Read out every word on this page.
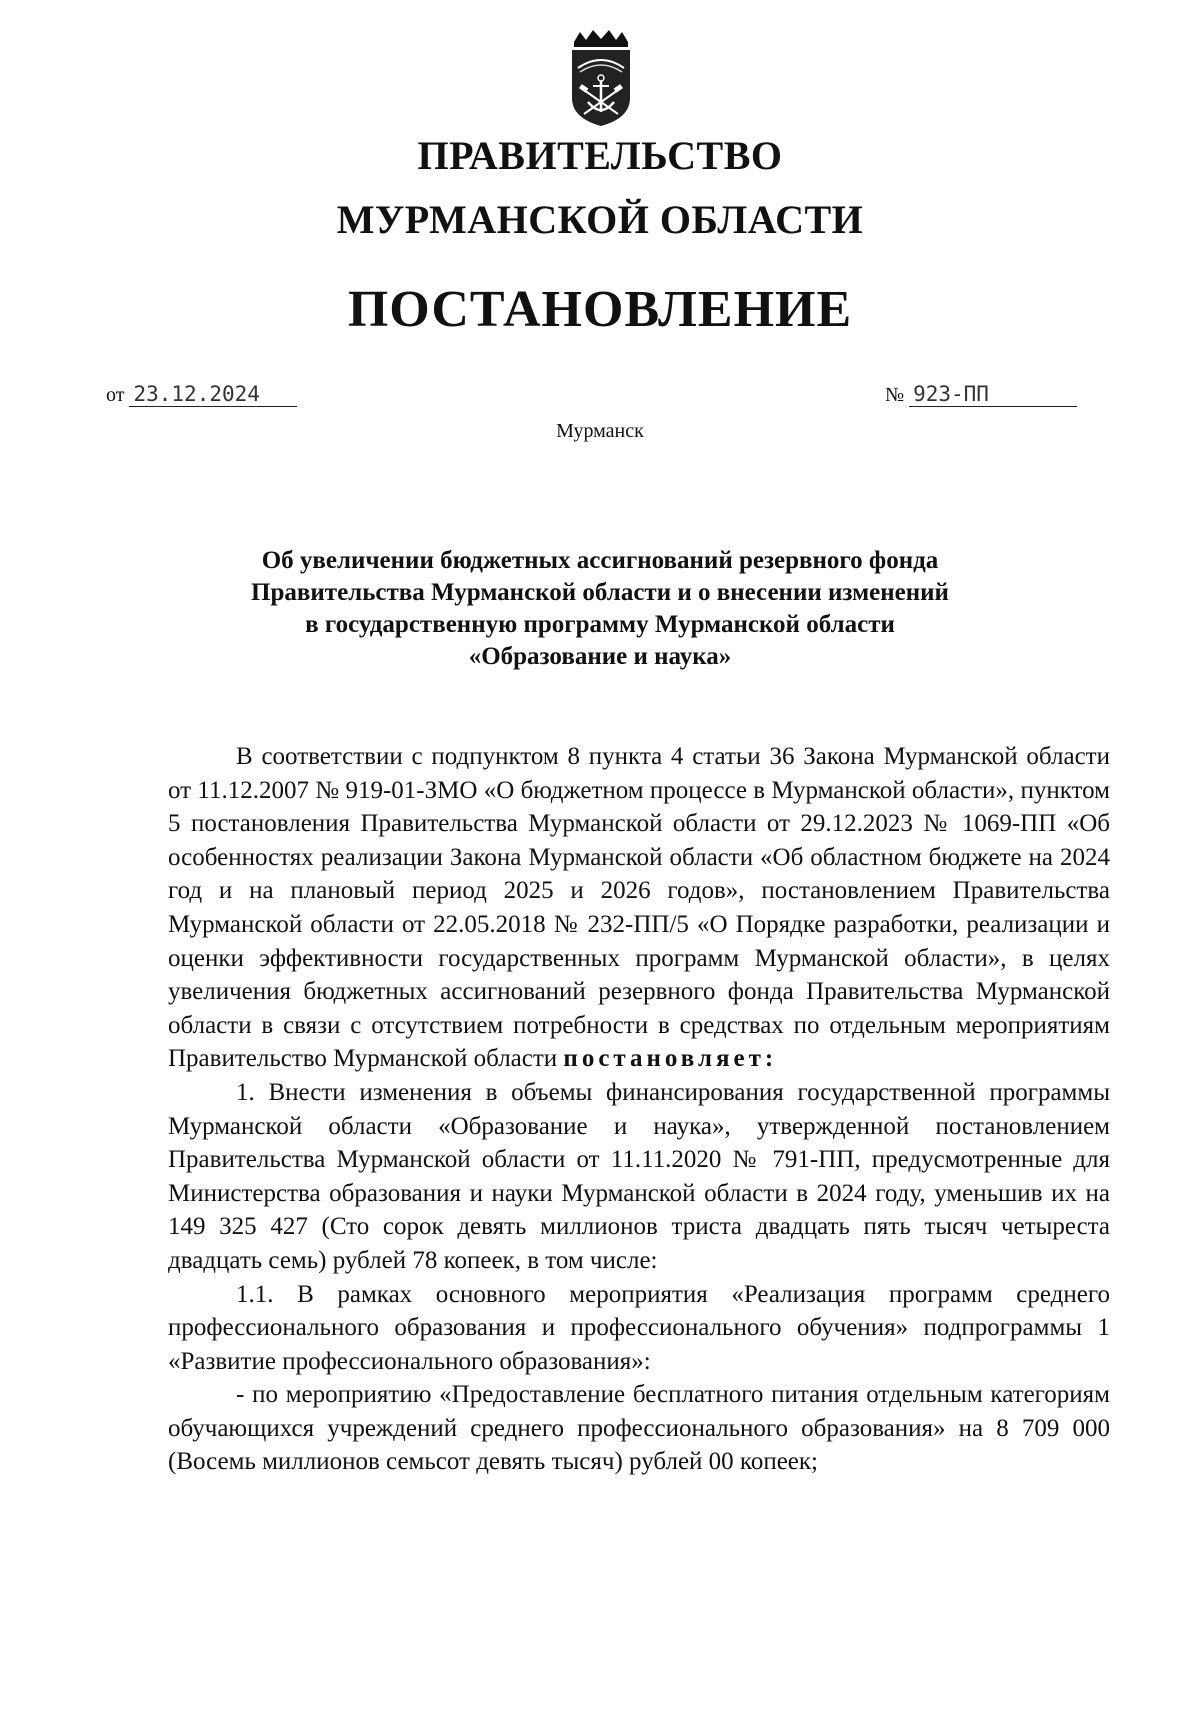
ПРАВИТЕЛЬСТВО
МУРМАНСКОЙ ОБЛАСТИ
ПОСТАНОВЛЕНИЕ
от 23.12.2024	№ 923-ПП
Мурманск
Об увеличении бюджетных ассигнований резервного фонда
Правительства Мурманской области и о внесении изменений
в государственную программу Мурманской области
«Образование и наука»

В соответствии с подпунктом 8 пункта 4 статьи 36 Закона Мурманской области от 11.12.2007 № 919-01-ЗМО «О бюджетном процессе в Мурманской области», пунктом 5 постановления Правительства Мурманской области от 29.12.2023 № 1069-ПП «Об особенностях реализации Закона Мурманской области «Об областном бюджете на 2024 год и на плановый период 2025 и 2026 годов», постановлением Правительства Мурманской области от 22.05.2018 № 232-ПП/5 «О Порядке разработки, реализации и оценки эффективности государственных программ Мурманской области», в целях увеличения бюджетных ассигнований резервного фонда Правительства Мурманской области в связи с отсутствием потребности в средствах по отдельным мероприятиям Правительство Мурманской области постановляет:

1. Внести изменения в объемы финансирования государственной программы Мурманской области «Образование и наука», утвержденной постановлением Правительства Мурманской области от 11.11.2020 № 791-ПП, предусмотренные для Министерства образования и науки Мурманской области в 2024 году, уменьшив их на 149 325 427 (Сто сорок девять миллионов триста двадцать пять тысяч четыреста двадцать семь) рублей 78 копеек, в том числе:

1.1. В рамках основного мероприятия «Реализация программ среднего профессионального образования и профессионального обучения» подпрограммы 1 «Развитие профессионального образования»:

- по мероприятию «Предоставление бесплатного питания отдельным категориям обучающихся учреждений среднего профессионального образования» на 8 709 000 (Восемь миллионов семьсот девять тысяч) рублей 00 копеек;
